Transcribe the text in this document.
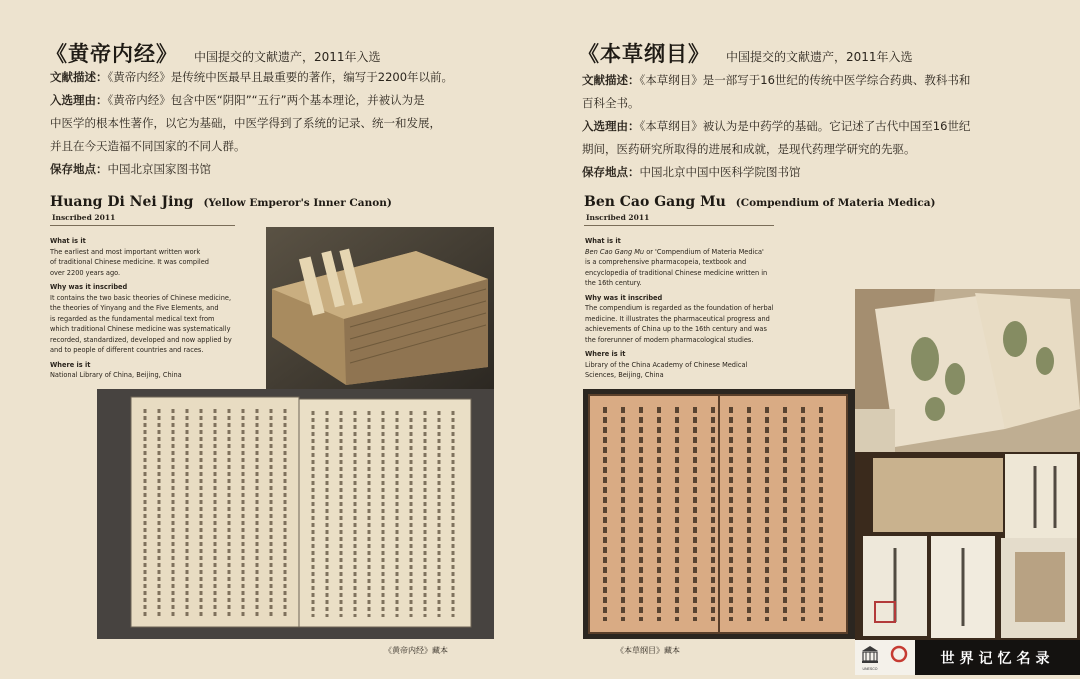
《黄帝内经》 中国提交的文献遗产，2011年入选
文献描述：《黄帝内经》是传统中医最早且最重要的著作，编写于2200年以前。
入选理由：《黄帝内经》包含中医“阴阳”“五行”两个基本理论，并被认为是
中医学的根本性著作，以它为基础，中医学得到了系统的记录、统一和发展，
并且在今天造福不同国家的不同人群。
保存地点：中国北京国家图书馆
Huang Di Nei Jing (Yellow Emperor's Inner Canon)
Inscribed 2011
What is it
The earliest and most important written work
of traditional Chinese medicine. It was compiled
over 2200 years ago.
Why was it inscribed
It contains the two basic theories of Chinese medicine,
the theories of Yinyang and the Five Elements, and
is regarded as the fundamental medical text from
which traditional Chinese medicine was systematically
recorded, standardized, developed and now applied by
and to people of different countries and races.
Where is it
National Library of China, Beijing, China
《黄帝内经》藏本
《本草纲目》 中国提交的文献遗产，2011年入选
文献描述：《本草纲目》是一部写于16世纪的传统中医学综合药典、教科书和
百科全书。
入选理由：《本草纲目》被认为是中药学的基础。它记述了古代中国至16世纪
期间，医药研究所取得的进展和成就，是现代药理学研究的先驱。
保存地点：中国北京中国中医科学院图书馆
Ben Cao Gang Mu (Compendium of Materia Medica)
Inscribed 2011
What is it
Ben Cao Gang Mu or 'Compendium of Materia Medica'
is a comprehensive pharmacopeia, textbook and
encyclopedia of traditional Chinese medicine written in
the 16th century.
Why was it inscribed
The compendium is regarded as the foundation of herbal
medicine. It illustrates the pharmaceutical progress and
achievements of China up to the 16th century and was
the forerunner of modern pharmacological studies.
Where is it
Library of the China Academy of Chinese Medical
Sciences, Beijing, China
《本草纲目》藏本
UNESCO
世界记忆名录
